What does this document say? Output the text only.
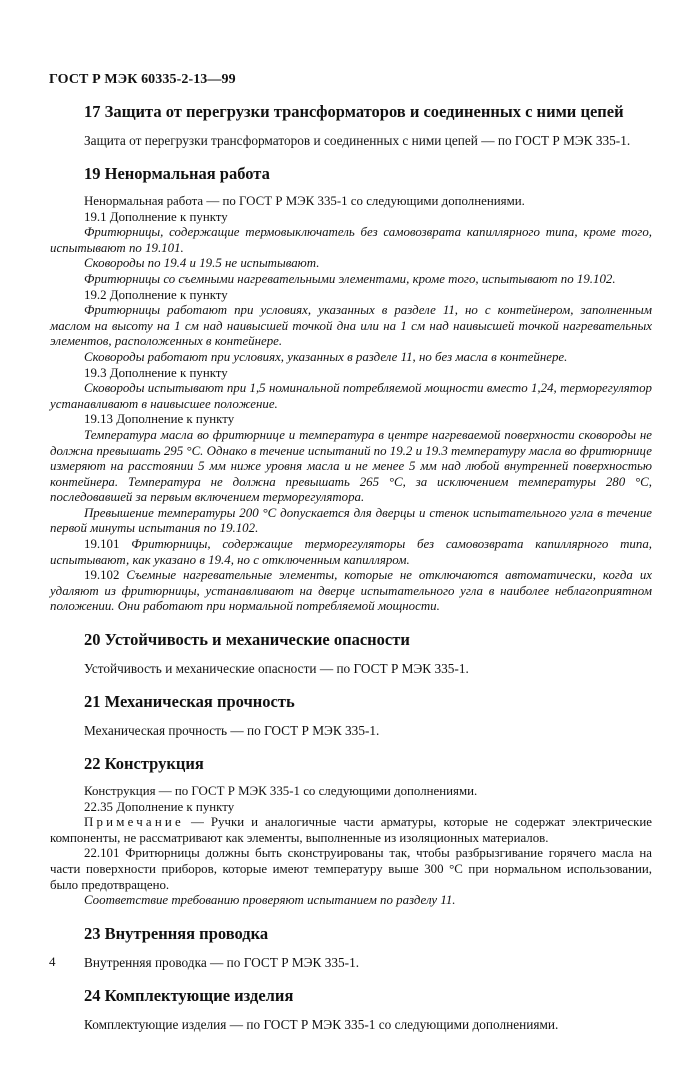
ГОСТ Р МЭК 60335-2-13—99
17 Защита от перегрузки трансформаторов и соединенных с ними цепей
Защита от перегрузки трансформаторов и соединенных с ними цепей — по ГОСТ Р МЭК 335-1.
19 Ненормальная работа

Ненормальная работа — по ГОСТ Р МЭК 335-1 со следующими дополнениями.

19.1 Дополнение к пункту

Фритюрницы, содержащие термовыключатель без самовозврата капиллярного типа, кроме того, испытывают по 19.101.

Сковороды по 19.4 и 19.5 не испытывают.

Фритюрницы со съемными нагревательными элементами, кроме того, испытывают по 19.102.

19.2 Дополнение к пункту

Фритюрницы работают при условиях, указанных в разделе 11, но с контейнером, заполненным маслом на высоту на 1 см над наивысшей точкой дна или на 1 см над наивысшей точкой нагревательных элементов, расположенных в контейнере.

Сковороды работают при условиях, указанных в разделе 11, но без масла в контейнере.

19.3 Дополнение к пункту

Сковороды испытывают при 1,5 номинальной потребляемой мощности вместо 1,24, терморегулятор устанавливают в наивысшее положение.

19.13 Дополнение к пункту

Температура масла во фритюрнице и температура в центре нагреваемой поверхности сковороды не должна превышать 295 °С. Однако в течение испытаний по 19.2 и 19.3 температуру масла во фритюрнице измеряют на расстоянии 5 мм ниже уровня масла и не менее 5 мм над любой внутренней поверхностью контейнера. Температура не должна превышать 265 °С, за исключением температуры 280 °С, последовавшей за первым включением терморегулятора.

Превышение температуры 200 °С допускается для дверцы и стенок испытательного угла в течение первой минуты испытания по 19.102.

19.101 Фритюрницы, содержащие терморегуляторы без самовозврата капиллярного типа, испытывают, как указано в 19.4, но с отключенным капилляром.

19.102 Съемные нагревательные элементы, которые не отключаются автоматически, когда их удаляют из фритюрницы, устанавливают на дверце испытательного угла в наиболее неблагоприятном положении. Они работают при нормальной потребляемой мощности.

20 Устойчивость и механические опасности
Устойчивость и механические опасности — по ГОСТ Р МЭК 335-1.
21 Механическая прочность
Механическая прочность — по ГОСТ Р МЭК 335-1.
22 Конструкция

Конструкция — по ГОСТ Р МЭК 335-1 со следующими дополнениями.

22.35 Дополнение к пункту

Примечание — Ручки и аналогичные части арматуры, которые не содержат электрические компоненты, не рассматривают как элементы, выполненные из изоляционных материалов.

22.101 Фритюрницы должны быть сконструированы так, чтобы разбрызгивание горячего масла на части поверхности приборов, которые имеют температуру выше 300 °С при нормальном использовании, было предотвращено.

Соответствие требованию проверяют испытанием по разделу 11.

23 Внутренняя проводка
Внутренняя проводка — по ГОСТ Р МЭК 335-1.
24 Комплектующие изделия
Комплектующие изделия — по ГОСТ Р МЭК 335-1 со следующими дополнениями.
4
